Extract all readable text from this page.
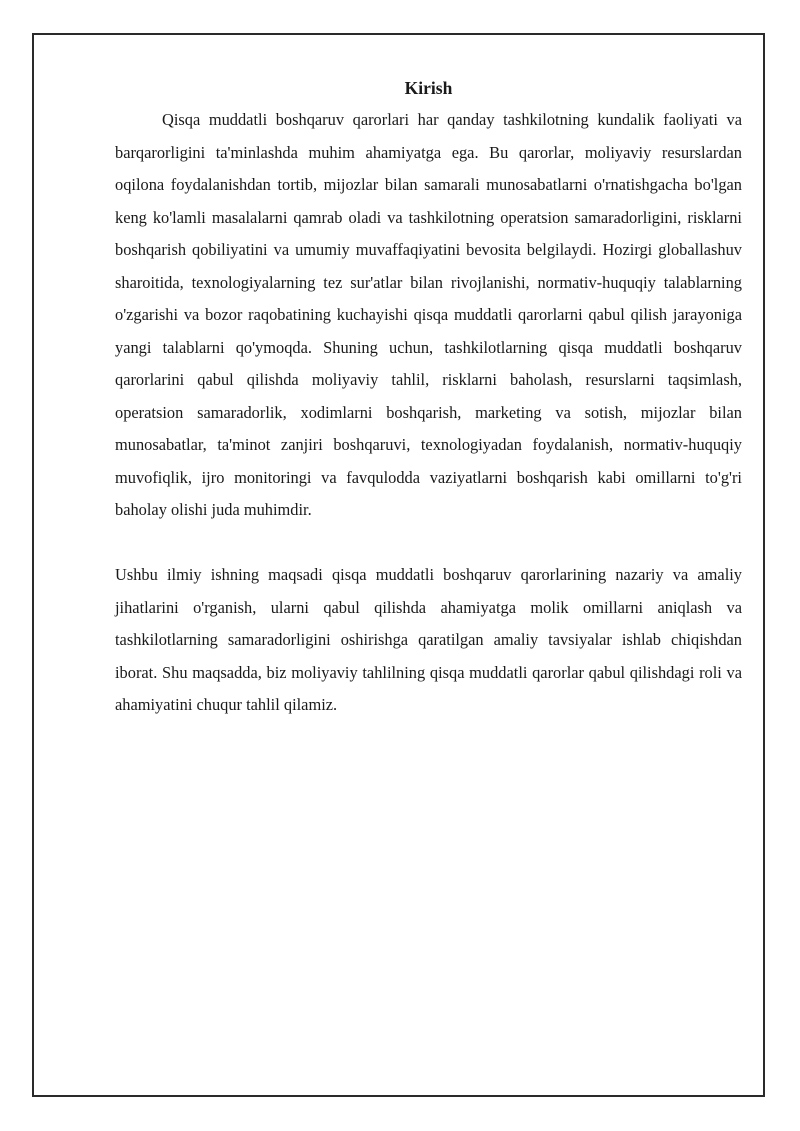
Kirish

Qisqa muddatli boshqaruv qarorlari har qanday tashkilotning kundalik faoliyati va barqarorligini ta'minlashda muhim ahamiyatga ega. Bu qarorlar, moliyaviy resurslardan oqilona foydalanishdan tortib, mijozlar bilan samarali munosabatlarni o'rnatishgacha bo'lgan keng ko'lamli masalalarni qamrab oladi va tashkilotning operatsion samaradorligini, risklarni boshqarish qobiliyatini va umumiy muvaffaqiyatini bevosita belgilaydi. Hozirgi globallashuv sharoitida, texnologiyalarning tez sur'atlar bilan rivojlanishi, normativ-huquqiy talablarning o'zgarishi va bozor raqobatining kuchayishi qisqa muddatli qarorlarni qabul qilish jarayoniga yangi talablarni qo'ymoqda. Shuning uchun, tashkilotlarning qisqa muddatli boshqaruv qarorlarini qabul qilishda moliyaviy tahlil, risklarni baholash, resurslarni taqsimlash, operatsion samaradorlik, xodimlarni boshqarish, marketing va sotish, mijozlar bilan munosabatlar, ta'minot zanjiri boshqaruvi, texnologiyadan foydalanish, normativ-huquqiy muvofiqlik, ijro monitoringi va favqulodda vaziyatlarni boshqarish kabi omillarni to'g'ri baholay olishi juda muhimdir.

Ushbu ilmiy ishning maqsadi qisqa muddatli boshqaruv qarorlarining nazariy va amaliy jihatlarini o'rganish, ularni qabul qilishda ahamiyatga molik omillarni aniqlash va tashkilotlarning samaradorligini oshirishga qaratilgan amaliy tavsiyalar ishlab chiqishdan iborat. Shu maqsadda, biz moliyaviy tahlilning qisqa muddatli qarorlar qabul qilishdagi roli va ahamiyatini chuqur tahlil qilamiz.
